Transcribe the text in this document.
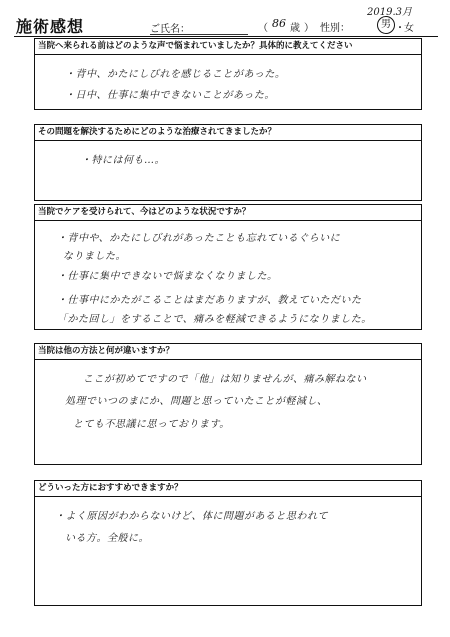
施術感想	ご氏名：	（ 86 歳 ） 性別：	男 ・ 女
2019.3月
当院へ来られる前はどのような声で悩まれていましたか？具体的に教えてください
・背中、かたにしびれを感じることがあった。
・日中、仕事に集中できないことがあった。
その問題を解決するためにどのような治療されてきましたか？
・特には何も…。
当院でケアを受けられて、今はどのような状況ですか？
・背中や、かたにしびれがあったことも忘れているぐらいに
なりました。
・仕事に集中できないで悩まなくなりました。
・仕事中にかたがこることはまだありますが、教えていただいた
「かた回し」をすることで、痛みを軽減できるようになりました。
当院は他の方法と何が違いますか？
ここが初めてですので「他」は知りませんが、痛み解ねない
処理でいつのまにか、問題と思っていたことが軽減し、
とても不思議に思っております。
どういった方におすすめできますか？
・よく原因がわからないけど、体に問題があると思われて
いる方。全般に。
